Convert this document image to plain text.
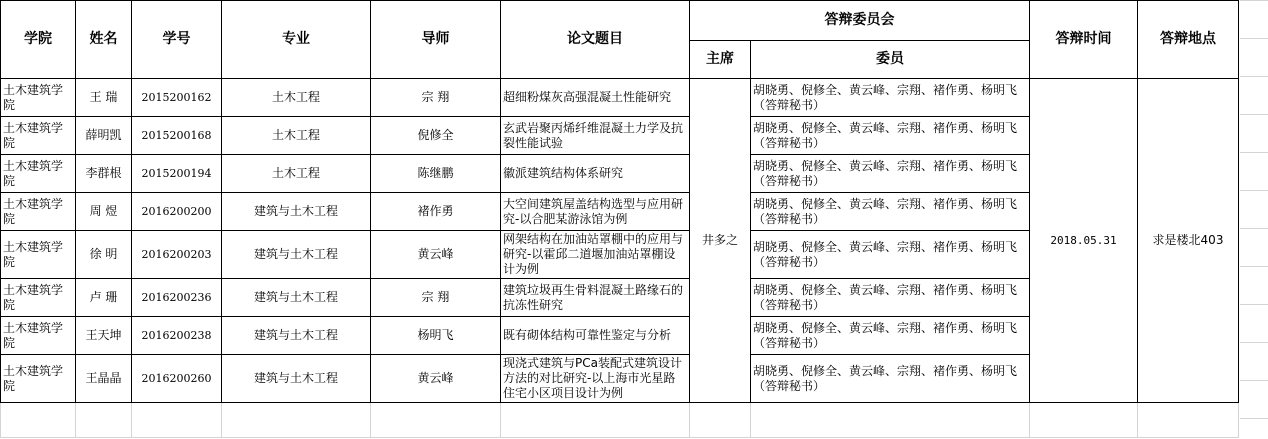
学院	姓名	学号	专业	导师	论文题目	答辩委员会		答辩时间	答辩地点
						主席	委员		
土木建筑学院	王 瑞	2015200162	土木工程	宗 翔	超细粉煤灰高强混凝土性能研究	井多之	胡晓勇、倪修全、黄云峰、宗翔、褚作勇、杨明飞（答辩秘书）	2018.05.31	求是楼北403
土木建筑学院	薛明凯	2015200168	土木工程	倪修全	玄武岩聚丙烯纤维混凝土力学及抗裂性能试验		胡晓勇、倪修全、黄云峰、宗翔、褚作勇、杨明飞（答辩秘书）		
土木建筑学院	李群根	2015200194	土木工程	陈继鹏	徽派建筑结构体系研究		胡晓勇、倪修全、黄云峰、宗翔、褚作勇、杨明飞（答辩秘书）		
土木建筑学院	周 煜	2016200200	建筑与土木工程	褚作勇	大空间建筑屋盖结构选型与应用研究-以合肥某游泳馆为例		胡晓勇、倪修全、黄云峰、宗翔、褚作勇、杨明飞（答辩秘书）		
土木建筑学院	徐 明	2016200203	建筑与土木工程	黄云峰	网架结构在加油站罩棚中的应用与研究-以霍邱二道堰加油站罩棚设计为例		胡晓勇、倪修全、黄云峰、宗翔、褚作勇、杨明飞（答辩秘书）		
土木建筑学院	卢 珊	2016200236	建筑与土木工程	宗 翔	建筑垃圾再生骨料混凝土路缘石的抗冻性研究		胡晓勇、倪修全、黄云峰、宗翔、褚作勇、杨明飞（答辩秘书）		
土木建筑学院	王天坤	2016200238	建筑与土木工程	杨明飞	既有砌体结构可靠性鉴定与分析		胡晓勇、倪修全、黄云峰、宗翔、褚作勇、杨明飞（答辩秘书）		
土木建筑学院	王晶晶	2016200260	建筑与土木工程	黄云峰	现浇式建筑与PCa装配式建筑设计方法的对比研究-以上海市光星路住宅小区项目设计为例		胡晓勇、倪修全、黄云峰、宗翔、褚作勇、杨明飞（答辩秘书）		
